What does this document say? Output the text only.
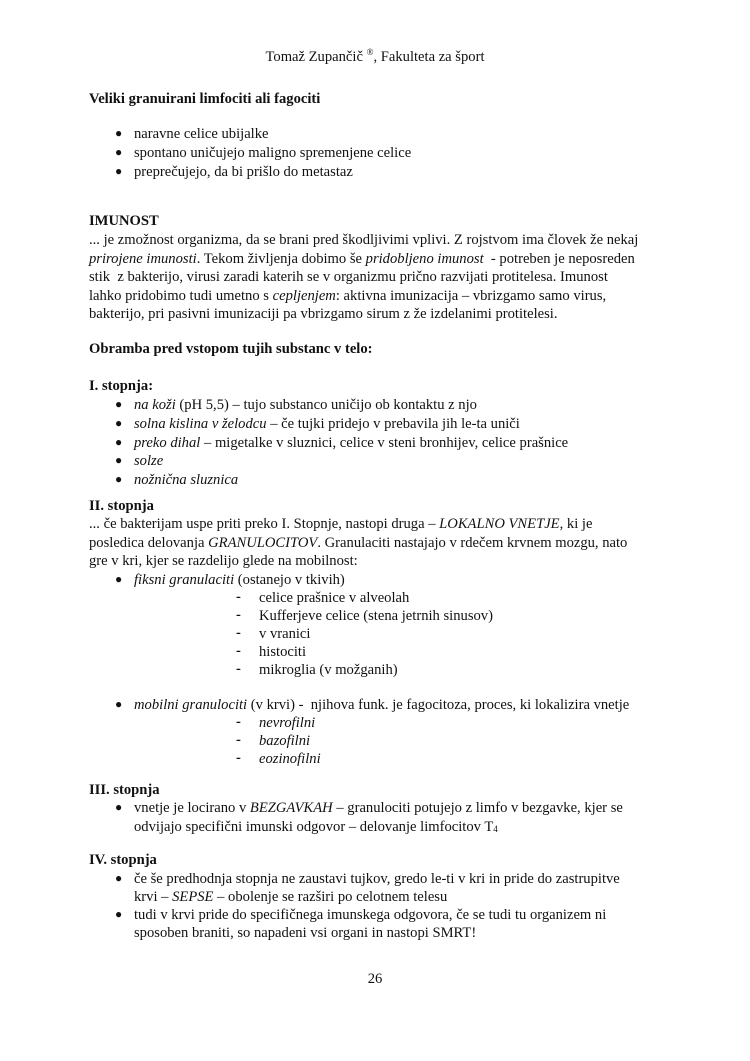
Tomaž Zupančič ®, Fakulteta za šport
Veliki granuirani limfociti ali fagociti
● naravne celice ubijalke
● spontano uničujejo maligno spremenjene celice
● preprečujejo, da bi prišlo do metastaz
IMUNOST
... je zmožnost organizma, da se brani pred škodljivimi vplivi. Z rojstvom ima človek že nekaj
prirojene imunosti. Tekom življenja dobimo še pridobljeno imunost  - potreben je neposreden
stik  z bakterijo, virusi zaradi katerih se v organizmu prično razvijati protitelesa. Imunost
lahko pridobimo tudi umetno s cepljenjem: aktivna imunizacija – vbrizgamo samo virus,
bakterijo, pri pasivni imunizaciji pa vbrizgamo sirum z že izdelanimi protitelesi.
Obramba pred vstopom tujih substanc v telo:
I. stopnja:
● na koži (pH 5,5) – tujo substanco uničijo ob kontaktu z njo
● solna kislina v želodcu – če tujki pridejo v prebavila jih le-ta uniči
● preko dihal – migetalke v sluznici, celice v steni bronhijev, celice prašnice
● solze
● nožnična sluznica
II. stopnja
... če bakterijam uspe priti preko I. Stopnje, nastopi druga – LOKALNO VNETJE, ki je
posledica delovanja GRANULOCITOV. Granulaciti nastajajo v rdečem krvnem mozgu, nato
gre v kri, kjer se razdelijo glede na mobilnost:
● fiksni granulaciti (ostanejo v tkivih)
- celice prašnice v alveolah
- Kufferjeve celice (stena jetrnih sinusov)
- v vranici
- histociti
- mikroglia (v možganih)
● mobilni granulociti (v krvi) -  njihova funk. je fagocitoza, proces, ki lokalizira vnetje
- nevrofilni
- bazofilni
- eozinofilni
III. stopnja
● vnetje je locirano v BEZGAVKAH – granulociti potujejo z limfo v bezgavke, kjer se
odvijajo specifični imunski odgovor – delovanje limfocitov $T_4$
IV. stopnja
● če še predhodnja stopnja ne zaustavi tujkov, gredo le-ti v kri in pride do zastrupitve
krvi – SEPSE – obolenje se razširi po celotnem telesu
● tudi v krvi pride do specifičnega imunskega odgovora, če se tudi tu organizem ni
sposoben braniti, so napadeni vsi organi in nastopi SMRT!
26
